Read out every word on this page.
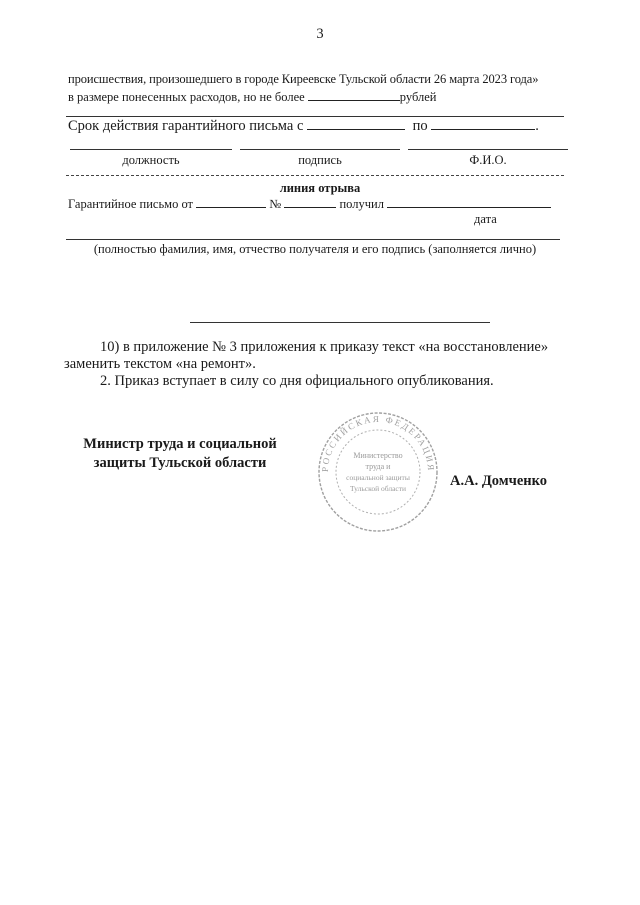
3
происшествия, произошедшего в городе Киреевске Тульской области 26 марта 2023 года»
в размере понесенных расходов, но не более	рублей
Срок действия гарантийного письма с	по	.
должность	подпись	Ф.И.О.
линия отрыва
Гарантийное письмо от	№	получил
дата
(полностью фамилия, имя, отчество получателя и его подпись (заполняется лично)
10) в приложение № 3 приложения к приказу текст «на восстановление»
заменить текстом «на ремонт».
2. Приказ вступает в силу со дня официального опубликования.
Министр труда и социальной
защиты Тульской области
А.А. Домченко
РОССИЙСКАЯ ФЕДЕРАЦИЯ
Министерство
труда и
социальной защиты
Тульской области
